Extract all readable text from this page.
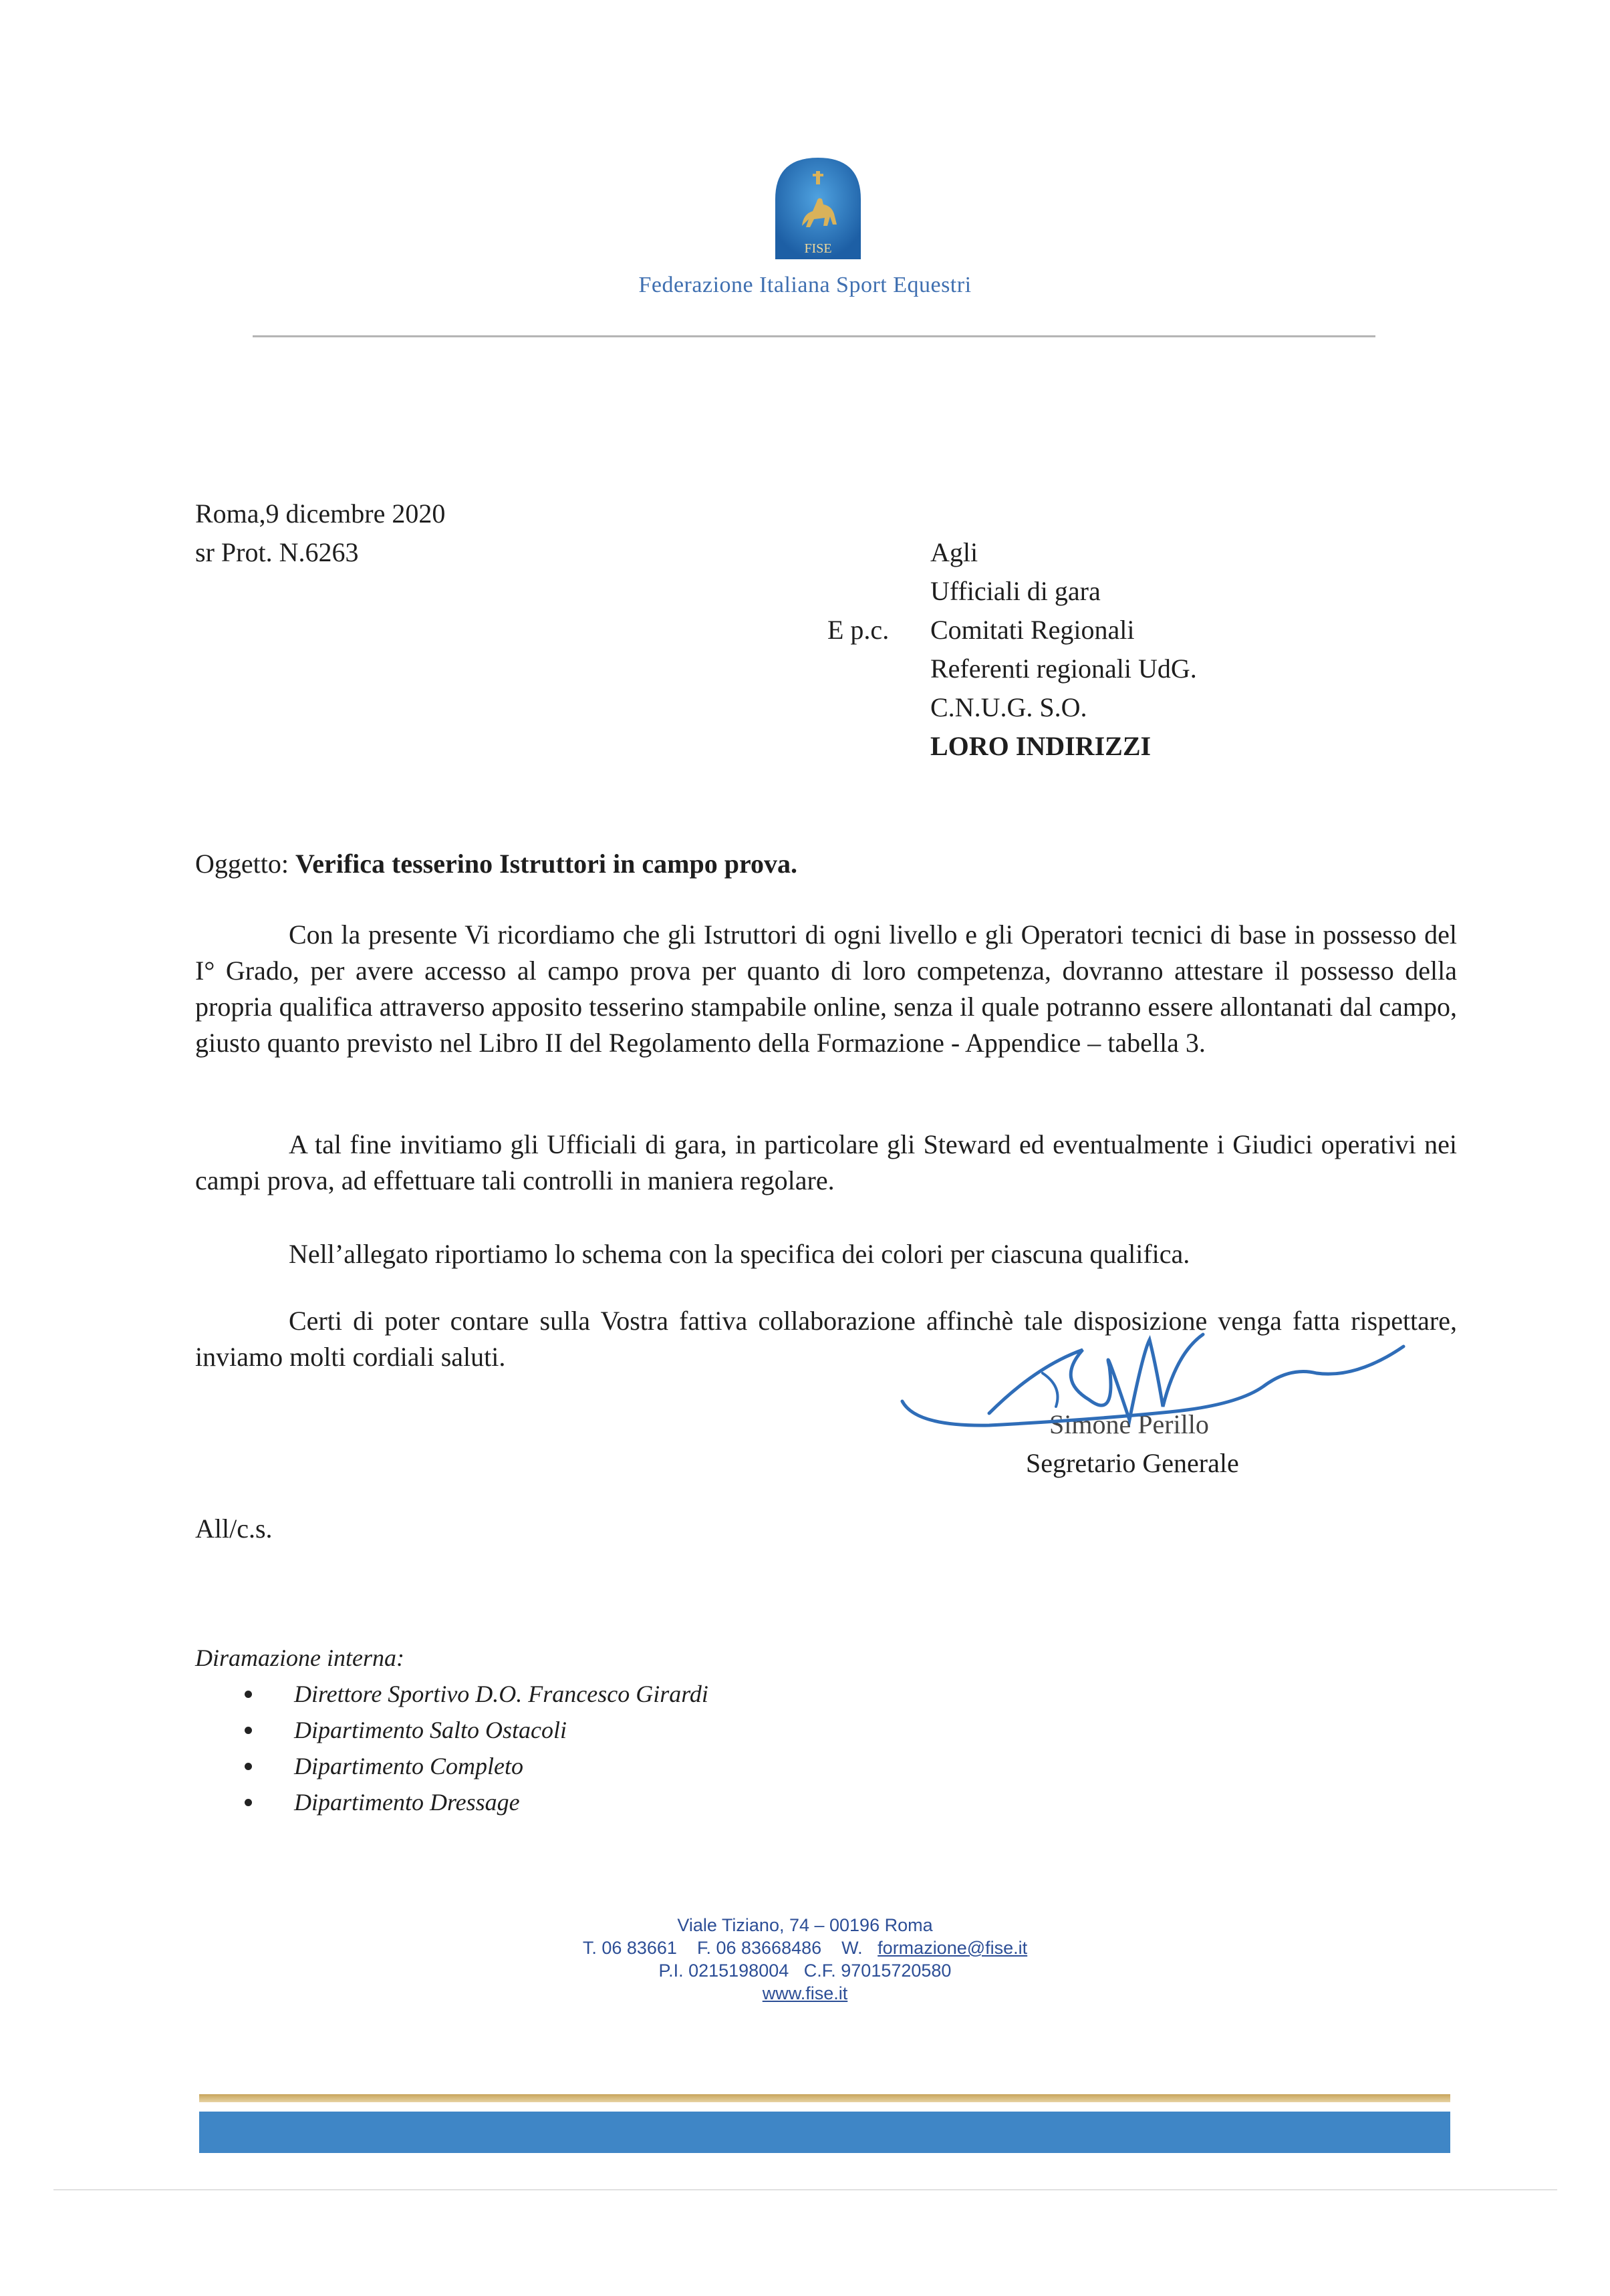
FISE
Federazione Italiana Sport Equestri
Roma,9 dicembre 2020
sr Prot. N.6263	Agli
Ufficiali di gara
Comitati Regionali
Referenti regionali UdG.
C.N.U.G. S.O.
LORO INDIRIZZI
E p.c.
Oggetto: Verifica tesserino Istruttori in campo prova.
Con la presente Vi ricordiamo che gli Istruttori di ogni livello e gli Operatori tecnici di base in possesso del I° Grado, per avere accesso al campo prova per quanto di loro competenza, dovranno attestare il possesso della propria qualifica attraverso apposito tesserino stampabile online, senza il quale potranno essere allontanati dal campo, giusto quanto previsto nel Libro II del Regolamento della Formazione - Appendice – tabella 3.
A tal fine invitiamo gli Ufficiali di gara, in particolare gli Steward ed eventualmente i Giudici operativi nei campi prova, ad effettuare tali controlli in maniera regolare.
Nell’allegato riportiamo lo schema con la specifica dei colori per ciascuna qualifica.
Certi di poter contare sulla Vostra fattiva collaborazione affinchè tale disposizione venga fatta rispettare, inviamo molti cordiali saluti.
Simone Perillo
Segretario Generale
All/c.s.
Diramazione interna:
Direttore Sportivo D.O. Francesco Girardi
Dipartimento Salto Ostacoli
Dipartimento Completo
Dipartimento Dressage
Viale Tiziano, 74 – 00196 Roma
T. 06 83661 F. 06 83668486 W. formazione@fise.it
P.I. 0215198004 C.F. 97015720580
www.fise.it
